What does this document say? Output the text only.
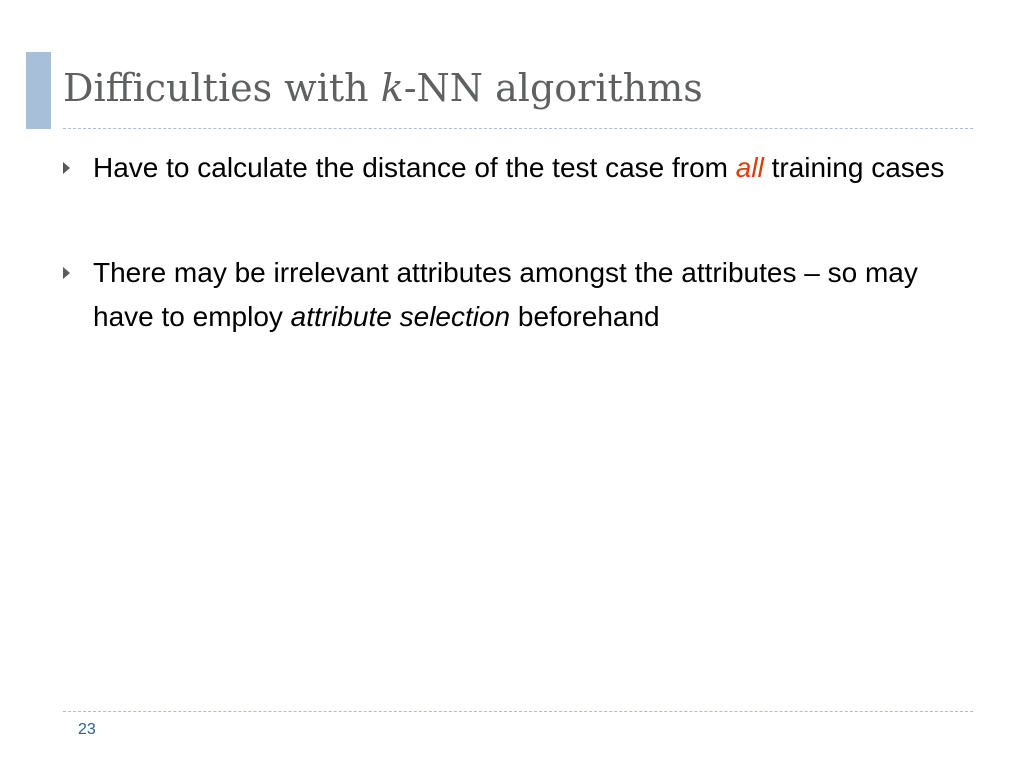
Difficulties with k-NN algorithms
Have to calculate the distance of the test case from all training cases
There may be irrelevant attributes amongst the attributes – so may have to employ attribute selection beforehand
23
